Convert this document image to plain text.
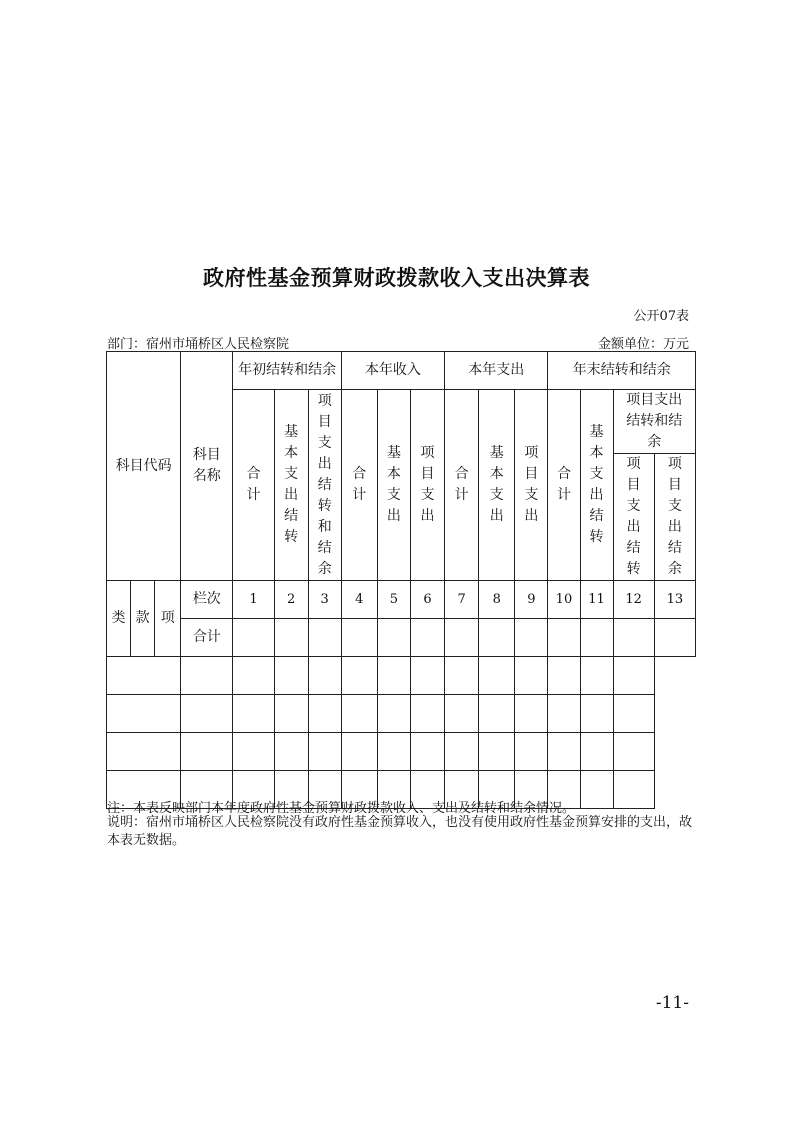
政府性基金预算财政拨款收入支出决算表
公开07表
部门：宿州市埇桥区人民检察院	金额单位：万元
科目代码			科目名称	年初结转和结余			本年收入			本年支出			年末结转和结余			
				合计	基本支出结转	项目支出结转和结余	合计	基本支出	项目支出	合计	基本支出	项目支出	合计	基本支出结转	项目支出结转和结余	
															项目支出结转	项目支出结余
类	款	项	栏次	1	2	3	4	5	6	7	8	9	10	11	12	13
			合计													

注：本表反映部门本年度政府性基金预算财政拨款收入、支出及结转和结余情况。
说明：宿州市埇桥区人民检察院没有政府性基金预算收入，也没有使用政府性基金预算安排的支出，故本表无数据。
-11-
